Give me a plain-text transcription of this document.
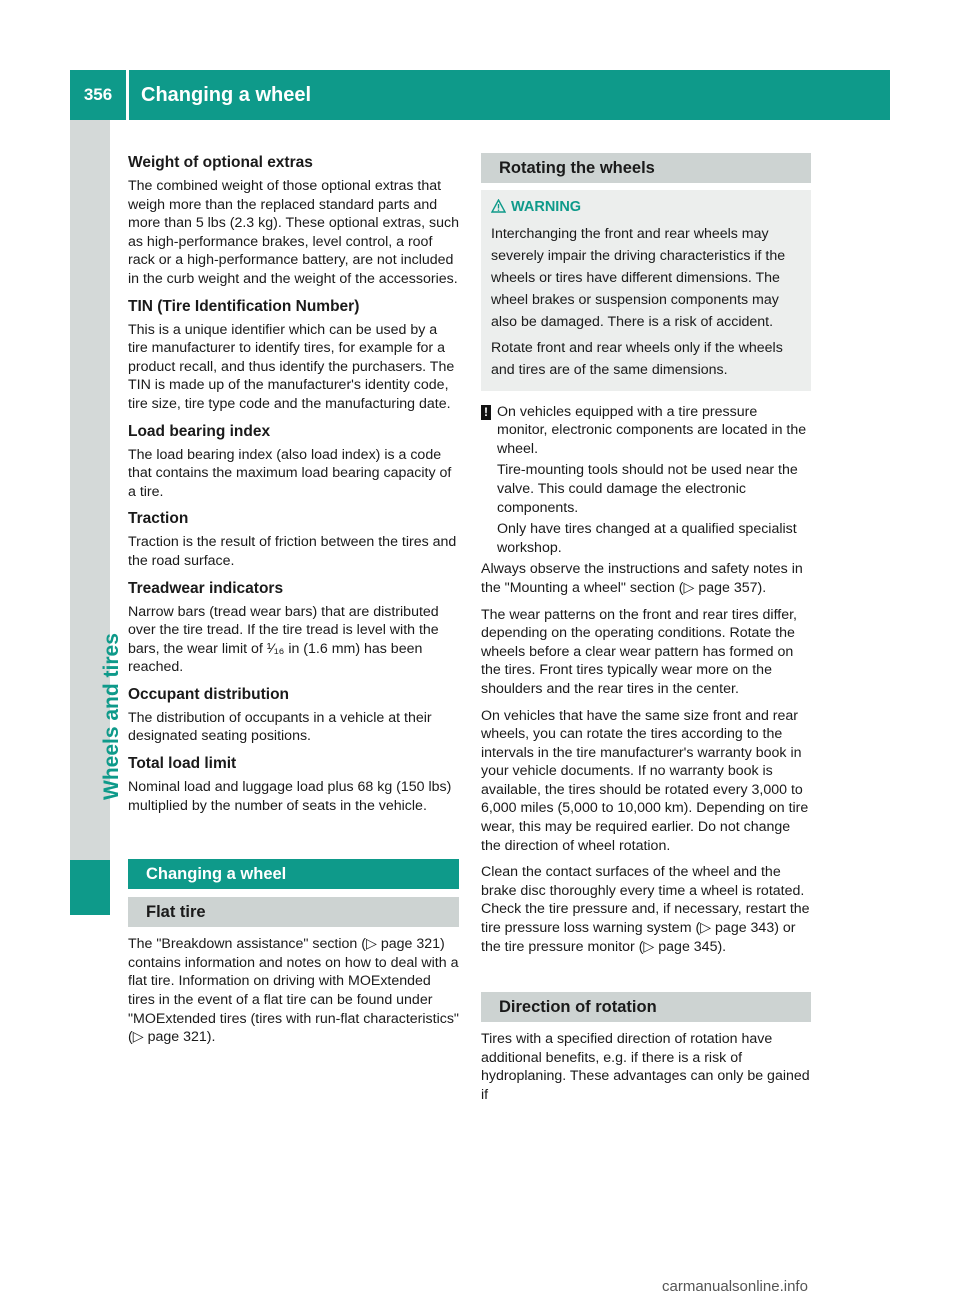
356	Changing a wheel
Wheels and tires
Weight of optional extras

The combined weight of those optional extras that weigh more than the replaced standard parts and more than 5 lbs (2.3 kg). These optional extras, such as high-performance brakes, level control, a roof rack or a high-performance battery, are not included in the curb weight and the weight of the accessories.

TIN (Tire Identification Number)

This is a unique identifier which can be used by a tire manufacturer to identify tires, for example for a product recall, and thus identify the purchasers. The TIN is made up of the manufacturer's identity code, tire size, tire type code and the manufacturing date.

Load bearing index

The load bearing index (also load index) is a code that contains the maximum load bearing capacity of a tire.

Traction

Traction is the result of friction between the tires and the road surface.

Treadwear indicators

Narrow bars (tread wear bars) that are distributed over the tire tread. If the tire tread is level with the bars, the wear limit of ¹⁄₁₆ in (1.6 mm) has been reached.

Occupant distribution

The distribution of occupants in a vehicle at their designated seating positions.

Total load limit

Nominal load and luggage load plus 68 kg (150 lbs) multiplied by the number of seats in the vehicle.

Changing a wheel
Flat tire

The "Breakdown assistance" section (▷ page 321) contains information and notes on how to deal with a flat tire. Information on driving with MOExtended tires in the event of a flat tire can be found under "MOExtended tires (tires with run-flat characteristics" (▷ page 321).

Rotating the wheels
WARNING

Interchanging the front and rear wheels may severely impair the driving characteristics if the wheels or tires have different dimensions. The wheel brakes or suspension components may also be damaged. There is a risk of accident.

Rotate front and rear wheels only if the wheels and tires are of the same dimensions.

! On vehicles equipped with a tire pressure monitor, electronic components are located in the wheel.

Tire-mounting tools should not be used near the valve. This could damage the electronic components.

Only have tires changed at a qualified specialist workshop.

Always observe the instructions and safety notes in the "Mounting a wheel" section (▷ page 357).

The wear patterns on the front and rear tires differ, depending on the operating conditions. Rotate the wheels before a clear wear pattern has formed on the tires. Front tires typically wear more on the shoulders and the rear tires in the center.

On vehicles that have the same size front and rear wheels, you can rotate the tires according to the intervals in the tire manufacturer's warranty book in your vehicle documents. If no warranty book is available, the tires should be rotated every 3,000 to 6,000 miles (5,000 to 10,000 km). Depending on tire wear, this may be required earlier. Do not change the direction of wheel rotation.

Clean the contact surfaces of the wheel and the brake disc thoroughly every time a wheel is rotated. Check the tire pressure and, if necessary, restart the tire pressure loss warning system (▷ page 343) or the tire pressure monitor (▷ page 345).

Direction of rotation

Tires with a specified direction of rotation have additional benefits, e.g. if there is a risk of hydroplaning. These advantages can only be gained if

carmanualsonline.info
